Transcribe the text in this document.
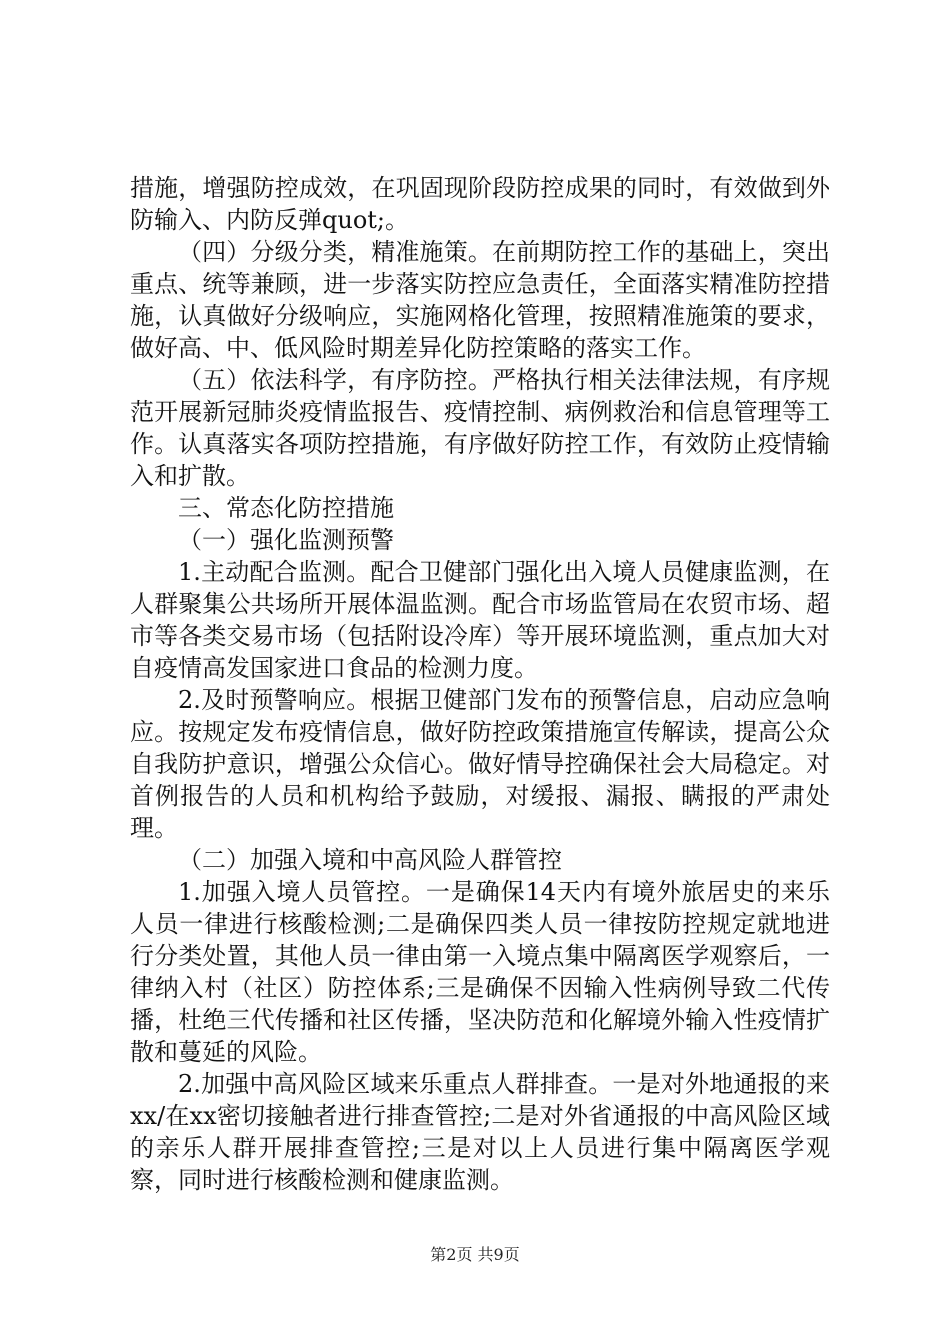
措施，增强防控成效，在巩固现阶段防控成果的同时，有效做到外防输入、内防反弹quot;。

（四）分级分类，精准施策。在前期防控工作的基础上，突出重点、统等兼顾，进一步落实防控应急责任，全面落实精准防控措施，认真做好分级响应，实施网格化管理，按照精准施策的要求，做好高、中、低风险时期差异化防控策略的落实工作。

（五）依法科学，有序防控。严格执行相关法律法规，有序规范开展新冠肺炎疫情监报告、疫情控制、病例救治和信息管理等工作。认真落实各项防控措施，有序做好防控工作，有效防止疫情输入和扩散。

三、常态化防控措施

（一）强化监测预警

1.主动配合监测。配合卫健部门强化出入境人员健康监测，在人群聚集公共场所开展体温监测。配合市场监管局在农贸市场、超市等各类交易市场（包括附设冷库）等开展环境监测，重点加大对自疫情高发国家进口食品的检测力度。

2.及时预警响应。根据卫健部门发布的预警信息，启动应急响应。按规定发布疫情信息，做好防控政策措施宣传解读，提高公众自我防护意识，增强公众信心。做好情导控确保社会大局稳定。对首例报告的人员和机构给予鼓励，对缓报、漏报、瞒报的严肃处理。

（二）加强入境和中高风险人群管控

1.加强入境人员管控。一是确保14天内有境外旅居史的来乐人员一律进行核酸检测;二是确保四类人员一律按防控规定就地进行分类处置，其他人员一律由第一入境点集中隔离医学观察后，一律纳入村（社区）防控体系;三是确保不因输入性病例导致二代传播，杜绝三代传播和社区传播，坚决防范和化解境外输入性疫情扩散和蔓延的风险。

2.加强中高风险区域来乐重点人群排查。一是对外地通报的来xx/在xx密切接触者进行排查管控;二是对外省通报的中高风险区域的亲乐人群开展排查管控;三是对以上人员进行集中隔离医学观察，同时进行核酸检测和健康监测。

第2页 共9页
